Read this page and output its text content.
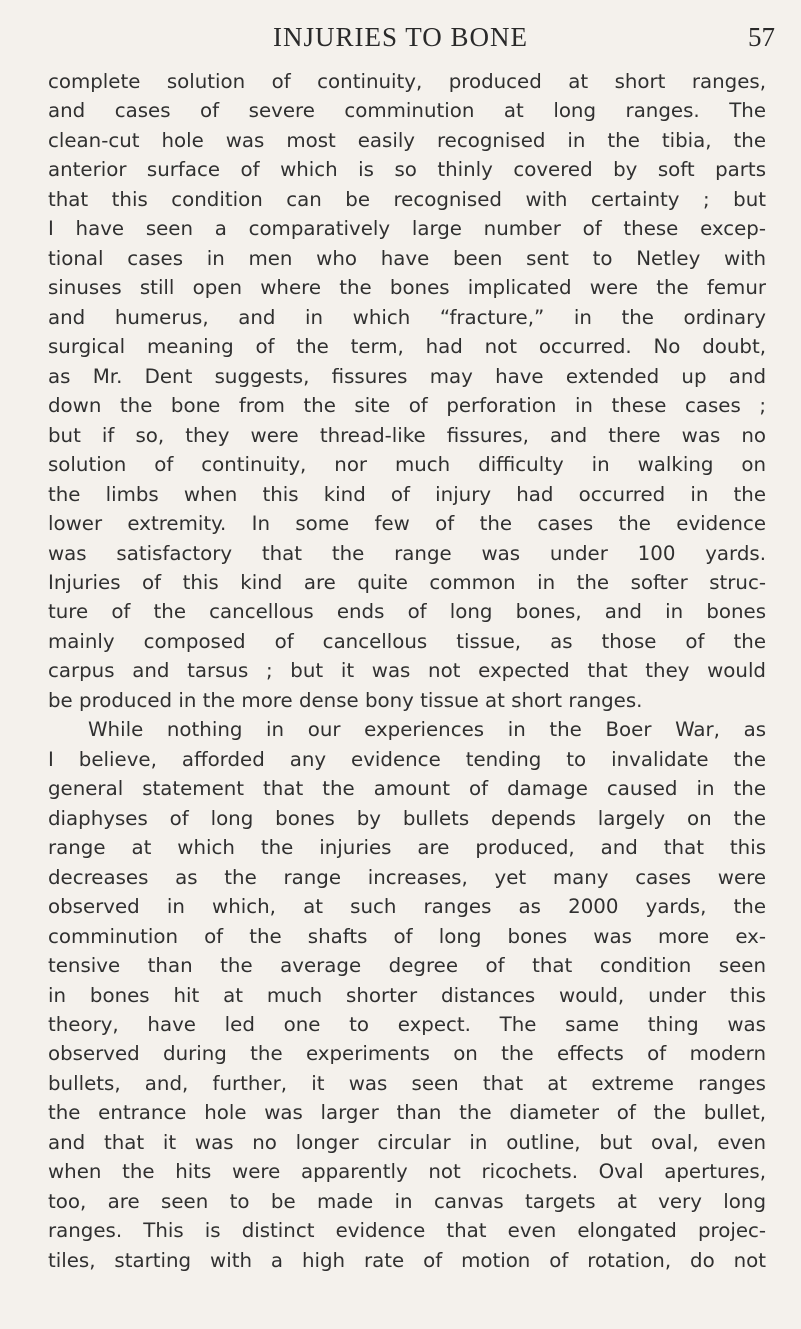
INJURIES TO BONE	57
complete solution of continuity, produced at short ranges,
and cases of severe comminution at long ranges. The
clean-cut hole was most easily recognised in the tibia, the
anterior surface of which is so thinly covered by soft parts
that this condition can be recognised with certainty ; but
I have seen a comparatively large number of these excep-
tional cases in men who have been sent to Netley with
sinuses still open where the bones implicated were the femur
and humerus, and in which “fracture,” in the ordinary
surgical meaning of the term, had not occurred. No doubt,
as Mr. Dent suggests, fissures may have extended up and
down the bone from the site of perforation in these cases ;
but if so, they were thread-like fissures, and there was no
solution of continuity, nor much difficulty in walking on
the limbs when this kind of injury had occurred in the
lower extremity. In some few of the cases the evidence
was satisfactory that the range was under 100 yards.
Injuries of this kind are quite common in the softer struc-
ture of the cancellous ends of long bones, and in bones
mainly composed of cancellous tissue, as those of the
carpus and tarsus ; but it was not expected that they would
be produced in the more dense bony tissue at short ranges.
While nothing in our experiences in the Boer War, as
I believe, afforded any evidence tending to invalidate the
general statement that the amount of damage caused in the
diaphyses of long bones by bullets depends largely on the
range at which the injuries are produced, and that this
decreases as the range increases, yet many cases were
observed in which, at such ranges as 2000 yards, the
comminution of the shafts of long bones was more ex-
tensive than the average degree of that condition seen
in bones hit at much shorter distances would, under this
theory, have led one to expect. The same thing was
observed during the experiments on the effects of modern
bullets, and, further, it was seen that at extreme ranges
the entrance hole was larger than the diameter of the bullet,
and that it was no longer circular in outline, but oval, even
when the hits were apparently not ricochets. Oval apertures,
too, are seen to be made in canvas targets at very long
ranges. This is distinct evidence that even elongated projec-
tiles, starting with a high rate of motion of rotation, do not
